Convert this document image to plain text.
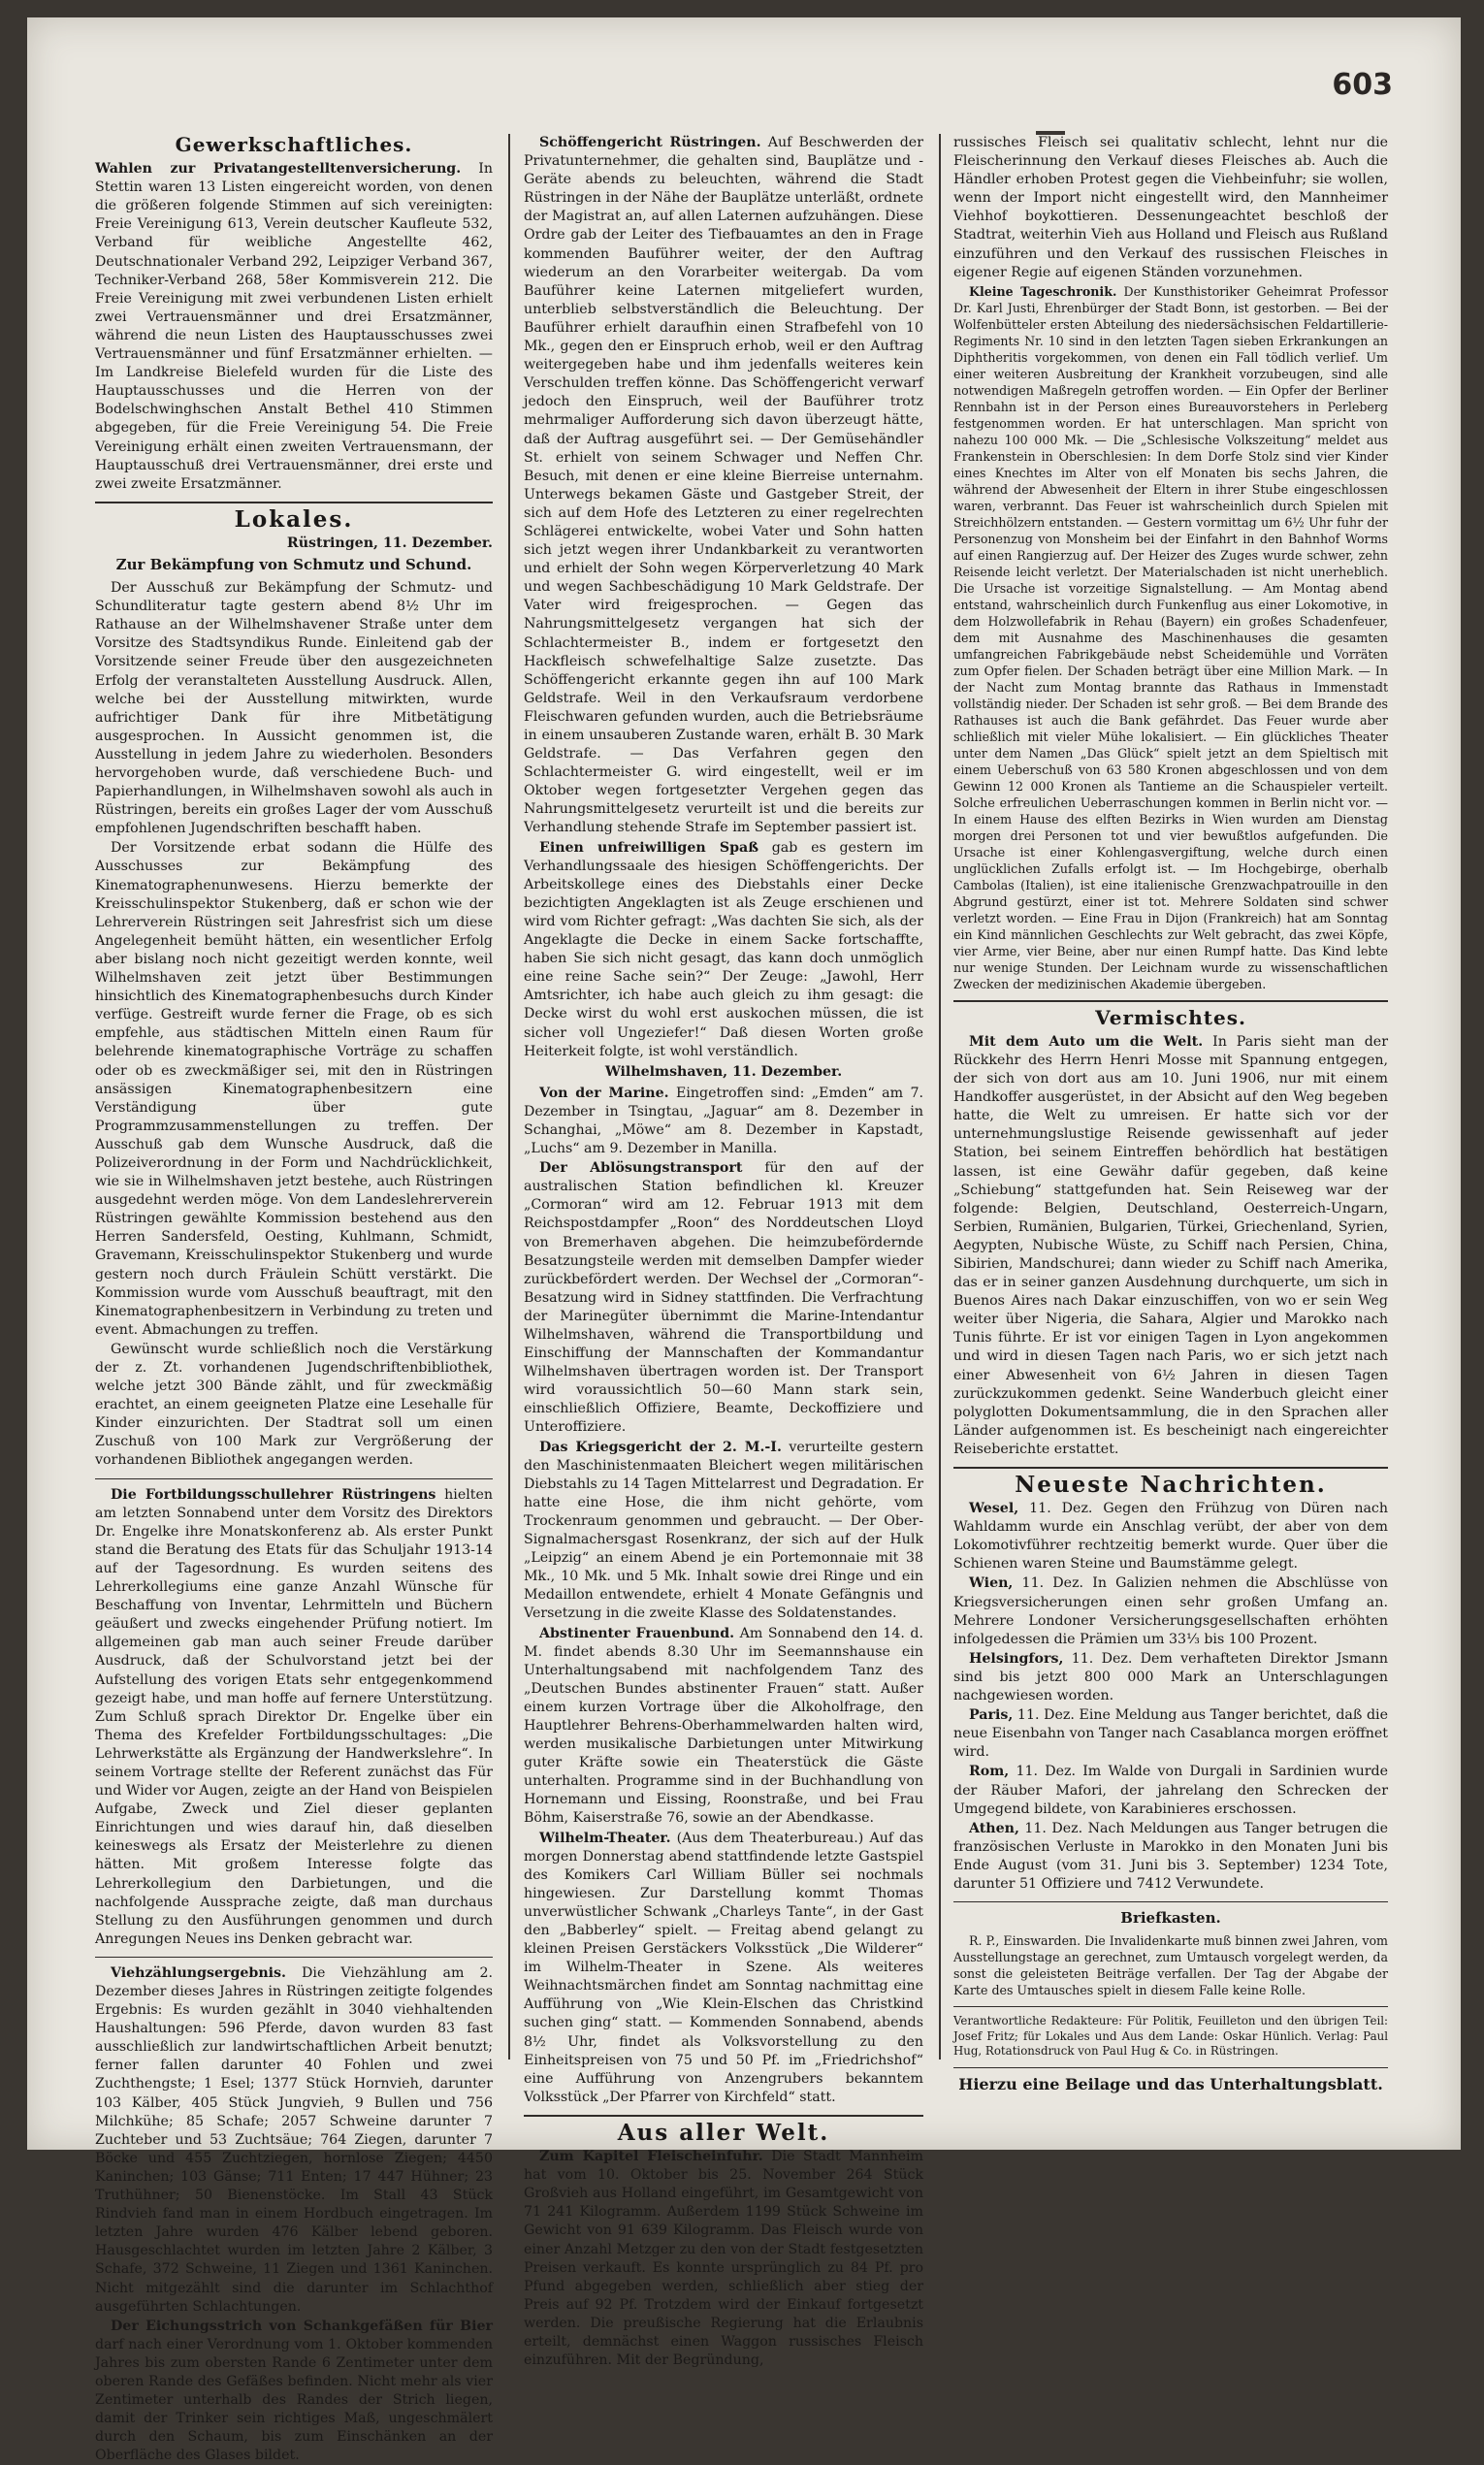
603
Gewerkschaftliches.

Wahlen zur Privatangestelltenversicherung. In Stettin waren 13 Listen eingereicht worden, von denen die größeren folgende Stimmen auf sich vereinigten: Freie Vereinigung 613, Verein deutscher Kaufleute 532, Verband für weibliche Angestellte 462, Deutschnationaler Verband 292, Leipziger Verband 367, Techniker-Verband 268, 58er Kommisverein 212. Die Freie Vereinigung mit zwei verbundenen Listen erhielt zwei Vertrauensmänner und drei Ersatzmänner, während die neun Listen des Hauptausschusses zwei Vertrauensmänner und fünf Ersatzmänner erhielten. — Im Landkreise Bielefeld wurden für die Liste des Hauptausschusses und die Herren von der Bodelschwinghschen Anstalt Bethel 410 Stimmen abgegeben, für die Freie Vereinigung 54. Die Freie Vereinigung erhält einen zweiten Vertrauensmann, der Hauptausschuß drei Vertrauensmänner, drei erste und zwei zweite Ersatzmänner.

Lokales.
Rüstringen, 11. Dezember.
Zur Bekämpfung von Schmutz und Schund.

Der Ausschuß zur Bekämpfung der Schmutz- und Schundliteratur tagte gestern abend 8½ Uhr im Rathause an der Wilhelmshavener Straße unter dem Vorsitze des Stadtsyndikus Runde. Einleitend gab der Vorsitzende seiner Freude über den ausgezeichneten Erfolg der veranstalteten Ausstellung Ausdruck. Allen, welche bei der Ausstellung mitwirkten, wurde aufrichtiger Dank für ihre Mitbetätigung ausgesprochen. In Aussicht genommen ist, die Ausstellung in jedem Jahre zu wiederholen. Besonders hervorgehoben wurde, daß verschiedene Buch- und Papierhandlungen, in Wilhelmshaven sowohl als auch in Rüstringen, bereits ein großes Lager der vom Ausschuß empfohlenen Jugendschriften beschafft haben.

Der Vorsitzende erbat sodann die Hülfe des Ausschusses zur Bekämpfung des Kinematographenunwesens. Hierzu bemerkte der Kreisschulinspektor Stukenberg, daß er schon wie der Lehrerverein Rüstringen seit Jahresfrist sich um diese Angelegenheit bemüht hätten, ein wesentlicher Erfolg aber bislang noch nicht gezeitigt werden konnte, weil Wilhelmshaven zeit jetzt über Bestimmungen hinsichtlich des Kinematographenbesuchs durch Kinder verfüge. Gestreift wurde ferner die Frage, ob es sich empfehle, aus städtischen Mitteln einen Raum für belehrende kinematographische Vorträge zu schaffen oder ob es zweckmäßiger sei, mit den in Rüstringen ansässigen Kinematographenbesitzern eine Verständigung über gute Programmzusammenstellungen zu treffen. Der Ausschuß gab dem Wunsche Ausdruck, daß die Polizeiverordnung in der Form und Nachdrücklichkeit, wie sie in Wilhelmshaven jetzt bestehe, auch Rüstringen ausgedehnt werden möge. Von dem Landeslehrerverein Rüstringen gewählte Kommission bestehend aus den Herren Sandersfeld, Oesting, Kuhlmann, Schmidt, Gravemann, Kreisschulinspektor Stukenberg und wurde gestern noch durch Fräulein Schütt verstärkt. Die Kommission wurde vom Ausschuß beauftragt, mit den Kinematographenbesitzern in Verbindung zu treten und event. Abmachungen zu treffen.

Gewünscht wurde schließlich noch die Verstärkung der z. Zt. vorhandenen Jugendschriftenbibliothek, welche jetzt 300 Bände zählt, und für zweckmäßig erachtet, an einem geeigneten Platze eine Lesehalle für Kinder einzurichten. Der Stadtrat soll um einen Zuschuß von 100 Mark zur Vergrößerung der vorhandenen Bibliothek angegangen werden.

Die Fortbildungsschullehrer Rüstringens hielten am letzten Sonnabend unter dem Vorsitz des Direktors Dr. Engelke ihre Monatskonferenz ab. Als erster Punkt stand die Beratung des Etats für das Schuljahr 1913-14 auf der Tagesordnung. Es wurden seitens des Lehrerkollegiums eine ganze Anzahl Wünsche für Beschaffung von Inventar, Lehrmitteln und Büchern geäußert und zwecks eingehender Prüfung notiert. Im allgemeinen gab man auch seiner Freude darüber Ausdruck, daß der Schulvorstand jetzt bei der Aufstellung des vorigen Etats sehr entgegenkommend gezeigt habe, und man hoffe auf fernere Unterstützung. Zum Schluß sprach Direktor Dr. Engelke über ein Thema des Krefelder Fortbildungsschultages: „Die Lehrwerkstätte als Ergänzung der Handwerkslehre“. In seinem Vortrage stellte der Referent zunächst das Für und Wider vor Augen, zeigte an der Hand von Beispielen Aufgabe, Zweck und Ziel dieser geplanten Einrichtungen und wies darauf hin, daß dieselben keineswegs als Ersatz der Meisterlehre zu dienen hätten. Mit großem Interesse folgte das Lehrerkollegium den Darbietungen, und die nachfolgende Aussprache zeigte, daß man durchaus Stellung zu den Ausführungen genommen und durch Anregungen Neues ins Denken gebracht war.

Viehzählungsergebnis. Die Viehzählung am 2. Dezember dieses Jahres in Rüstringen zeitigte folgendes Ergebnis: Es wurden gezählt in 3040 viehhaltenden Haushaltungen: 596 Pferde, davon wurden 83 fast ausschließlich zur landwirtschaftlichen Arbeit benutzt; ferner fallen darunter 40 Fohlen und zwei Zuchthengste; 1 Esel; 1377 Stück Hornvieh, darunter 103 Kälber, 405 Stück Jungvieh, 9 Bullen und 756 Milchkühe; 85 Schafe; 2057 Schweine darunter 7 Zuchteber und 53 Zuchtsäue; 764 Ziegen, darunter 7 Böcke und 455 Zuchtziegen, hornlose Ziegen; 4450 Kaninchen; 103 Gänse; 711 Enten; 17 447 Hühner; 23 Truthühner; 50 Bienenstöcke. Im Stall 43 Stück Rindvieh fand man in einem Hordbuch eingetragen. Im letzten Jahre wurden 476 Kälber lebend geboren. Hausgeschlachtet wurden im letzten Jahre 2 Kälber, 3 Schafe, 372 Schweine, 11 Ziegen und 1361 Kaninchen. Nicht mitgezählt sind die darunter im Schlachthof ausgeführten Schlachtungen.

Der Eichungsstrich von Schankgefäßen für Bier darf nach einer Verordnung vom 1. Oktober kommenden Jahres bis zum obersten Rande 6 Zentimeter unter dem oberen Rande des Gefäßes befinden. Nicht mehr als vier Zentimeter unterhalb des Randes der Strich liegen, damit der Trinker sein richtiges Maß, ungeschmälert durch den Schaum, bis zum Einschänken an der Oberfläche des Glases bildet.

Schöffengericht Rüstringen. Auf Beschwerden der Privatunternehmer, die gehalten sind, Bauplätze und -Geräte abends zu beleuchten, während die Stadt Rüstringen in der Nähe der Bauplätze unterläßt, ordnete der Magistrat an, auf allen Laternen aufzuhängen. Diese Ordre gab der Leiter des Tiefbauamtes an den in Frage kommenden Bauführer weiter, der den Auftrag wiederum an den Vorarbeiter weitergab. Da vom Bauführer keine Laternen mitgeliefert wurden, unterblieb selbstverständlich die Beleuchtung. Der Bauführer erhielt daraufhin einen Strafbefehl von 10 Mk., gegen den er Einspruch erhob, weil er den Auftrag weitergegeben habe und ihm jedenfalls weiteres kein Verschulden treffen könne. Das Schöffengericht verwarf jedoch den Einspruch, weil der Bauführer trotz mehrmaliger Aufforderung sich davon überzeugt hätte, daß der Auftrag ausgeführt sei. — Der Gemüsehändler St. erhielt von seinem Schwager und Neffen Chr. Besuch, mit denen er eine kleine Bierreise unternahm. Unterwegs bekamen Gäste und Gastgeber Streit, der sich auf dem Hofe des Letzteren zu einer regelrechten Schlägerei entwickelte, wobei Vater und Sohn hatten sich jetzt wegen ihrer Undankbarkeit zu verantworten und erhielt der Sohn wegen Körperverletzung 40 Mark und wegen Sachbeschädigung 10 Mark Geldstrafe. Der Vater wird freigesprochen. — Gegen das Nahrungsmittelgesetz vergangen hat sich der Schlachtermeister B., indem er fortgesetzt den Hackfleisch schwefelhaltige Salze zusetzte. Das Schöffengericht erkannte gegen ihn auf 100 Mark Geldstrafe. Weil in den Verkaufsraum verdorbene Fleischwaren gefunden wurden, auch die Betriebsräume in einem unsauberen Zustande waren, erhält B. 30 Mark Geldstrafe. — Das Verfahren gegen den Schlachtermeister G. wird eingestellt, weil er im Oktober wegen fortgesetzter Vergehen gegen das Nahrungsmittelgesetz verurteilt ist und die bereits zur Verhandlung stehende Strafe im September passiert ist.

Einen unfreiwilligen Spaß gab es gestern im Verhandlungssaale des hiesigen Schöffengerichts. Der Arbeitskollege eines des Diebstahls einer Decke bezichtigten Angeklagten ist als Zeuge erschienen und wird vom Richter gefragt: „Was dachten Sie sich, als der Angeklagte die Decke in einem Sacke fortschaffte, haben Sie sich nicht gesagt, das kann doch unmöglich eine reine Sache sein?“ Der Zeuge: „Jawohl, Herr Amtsrichter, ich habe auch gleich zu ihm gesagt: die Decke wirst du wohl erst auskochen müssen, die ist sicher voll Ungeziefer!“ Daß diesen Worten große Heiterkeit folgte, ist wohl verständlich.

Wilhelmshaven, 11. Dezember.

Von der Marine. Eingetroffen sind: „Emden“ am 7. Dezember in Tsingtau, „Jaguar“ am 8. Dezember in Schanghai, „Möwe“ am 8. Dezember in Kapstadt, „Luchs“ am 9. Dezember in Manilla.

Der Ablösungstransport für den auf der australischen Station befindlichen kl. Kreuzer „Cormoran“ wird am 12. Februar 1913 mit dem Reichspostdampfer „Roon“ des Norddeutschen Lloyd von Bremerhaven abgehen. Die heimzubefördernde Besatzungsteile werden mit demselben Dampfer wieder zurückbefördert werden. Der Wechsel der „Cormoran“-Besatzung wird in Sidney stattfinden. Die Verfrachtung der Marinegüter übernimmt die Marine-Intendantur Wilhelmshaven, während die Transportbildung und Einschiffung der Mannschaften der Kommandantur Wilhelmshaven übertragen worden ist. Der Transport wird voraussichtlich 50—60 Mann stark sein, einschließlich Offiziere, Beamte, Deckoffiziere und Unteroffiziere.

Das Kriegsgericht der 2. M.-I. verurteilte gestern den Maschinistenmaaten Bleichert wegen militärischen Diebstahls zu 14 Tagen Mittelarrest und Degradation. Er hatte eine Hose, die ihm nicht gehörte, vom Trockenraum genommen und gebraucht. — Der Ober-Signalmachersgast Rosenkranz, der sich auf der Hulk „Leipzig“ an einem Abend je ein Portemonnaie mit 38 Mk., 10 Mk. und 5 Mk. Inhalt sowie drei Ringe und ein Medaillon entwendete, erhielt 4 Monate Gefängnis und Versetzung in die zweite Klasse des Soldatenstandes.

Abstinenter Frauenbund. Am Sonnabend den 14. d. M. findet abends 8.30 Uhr im Seemannshause ein Unterhaltungsabend mit nachfolgendem Tanz des „Deutschen Bundes abstinenter Frauen“ statt. Außer einem kurzen Vortrage über die Alkoholfrage, den Hauptlehrer Behrens-Oberhammelwarden halten wird, werden musikalische Darbietungen unter Mitwirkung guter Kräfte sowie ein Theaterstück die Gäste unterhalten. Programme sind in der Buchhandlung von Hornemann und Eissing, Roonstraße, und bei Frau Böhm, Kaiserstraße 76, sowie an der Abendkasse.

Wilhelm-Theater. (Aus dem Theaterbureau.) Auf das morgen Donnerstag abend stattfindende letzte Gastspiel des Komikers Carl William Büller sei nochmals hingewiesen. Zur Darstellung kommt Thomas unverwüstlicher Schwank „Charleys Tante“, in der Gast den „Babberley“ spielt. — Freitag abend gelangt zu kleinen Preisen Gerstäckers Volksstück „Die Wilderer“ im Wilhelm-Theater in Szene. Als weiteres Weihnachtsmärchen findet am Sonntag nachmittag eine Aufführung von „Wie Klein-Elschen das Christkind suchen ging“ statt. — Kommenden Sonnabend, abends 8½ Uhr, findet als Volksvorstellung zu den Einheitspreisen von 75 und 50 Pf. im „Friedrichshof“ eine Aufführung von Anzengrubers bekanntem Volksstück „Der Pfarrer von Kirchfeld“ statt.

Aus aller Welt.

Zum Kapitel Fleischeinfuhr. Die Stadt Mannheim hat vom 10. Oktober bis 25. November 264 Stück Großvieh aus Holland eingeführt, im Gesamtgewicht von 71 241 Kilogramm. Außerdem 1199 Stück Schweine im Gewicht von 91 639 Kilogramm. Das Fleisch wurde von einer Anzahl Metzger zu den von der Stadt festgesetzten Preisen verkauft. Es konnte ursprünglich zu 84 Pf. pro Pfund abgegeben werden, schließlich aber stieg der Preis auf 92 Pf. Trotzdem wird der Einkauf fortgesetzt werden. Die preußische Regierung hat die Erlaubnis erteilt, demnächst einen Waggon russisches Fleisch einzuführen. Mit der Begründung,

russisches Fleisch sei qualitativ schlecht, lehnt nur die Fleischerinnung den Verkauf dieses Fleisches ab. Auch die Händler erhoben Protest gegen die Viehbeinfuhr; sie wollen, wenn der Import nicht eingestellt wird, den Mannheimer Viehhof boykottieren. Dessenungeachtet beschloß der Stadtrat, weiterhin Vieh aus Holland und Fleisch aus Rußland einzuführen und den Verkauf des russischen Fleisches in eigener Regie auf eigenen Ständen vorzunehmen.

Kleine Tageschronik. Der Kunsthistoriker Geheimrat Professor Dr. Karl Justi, Ehrenbürger der Stadt Bonn, ist gestorben. — Bei der Wolfenbütteler ersten Abteilung des niedersächsischen Feldartillerie-Regiments Nr. 10 sind in den letzten Tagen sieben Erkrankungen an Diphtheritis vorgekommen, von denen ein Fall tödlich verlief. Um einer weiteren Ausbreitung der Krankheit vorzubeugen, sind alle notwendigen Maßregeln getroffen worden. — Ein Opfer der Berliner Rennbahn ist in der Person eines Bureauvorstehers in Perleberg festgenommen worden. Er hat unterschlagen. Man spricht von nahezu 100 000 Mk. — Die „Schlesische Volkszeitung“ meldet aus Frankenstein in Oberschlesien: In dem Dorfe Stolz sind vier Kinder eines Knechtes im Alter von elf Monaten bis sechs Jahren, die während der Abwesenheit der Eltern in ihrer Stube eingeschlossen waren, verbrannt. Das Feuer ist wahrscheinlich durch Spielen mit Streichhölzern entstanden. — Gestern vormittag um 6½ Uhr fuhr der Personenzug von Monsheim bei der Einfahrt in den Bahnhof Worms auf einen Rangierzug auf. Der Heizer des Zuges wurde schwer, zehn Reisende leicht verletzt. Der Materialschaden ist nicht unerheblich. Die Ursache ist vorzeitige Signalstellung. — Am Montag abend entstand, wahrscheinlich durch Funkenflug aus einer Lokomotive, in dem Holzwollefabrik in Rehau (Bayern) ein großes Schadenfeuer, dem mit Ausnahme des Maschinenhauses die gesamten umfangreichen Fabrikgebäude nebst Scheidemühle und Vorräten zum Opfer fielen. Der Schaden beträgt über eine Million Mark. — In der Nacht zum Montag brannte das Rathaus in Immenstadt vollständig nieder. Der Schaden ist sehr groß. — Bei dem Brande des Rathauses ist auch die Bank gefährdet. Das Feuer wurde aber schließlich mit vieler Mühe lokalisiert. — Ein glückliches Theater unter dem Namen „Das Glück“ spielt jetzt an dem Spieltisch mit einem Ueberschuß von 63 580 Kronen abgeschlossen und von dem Gewinn 12 000 Kronen als Tantieme an die Schauspieler verteilt. Solche erfreulichen Ueberraschungen kommen in Berlin nicht vor. — In einem Hause des elften Bezirks in Wien wurden am Dienstag morgen drei Personen tot und vier bewußtlos aufgefunden. Die Ursache ist einer Kohlengasvergiftung, welche durch einen unglücklichen Zufalls erfolgt ist. — Im Hochgebirge, oberhalb Cambolas (Italien), ist eine italienische Grenzwachpatrouille in den Abgrund gestürzt, einer ist tot. Mehrere Soldaten sind schwer verletzt worden. — Eine Frau in Dijon (Frankreich) hat am Sonntag ein Kind männlichen Geschlechts zur Welt gebracht, das zwei Köpfe, vier Arme, vier Beine, aber nur einen Rumpf hatte. Das Kind lebte nur wenige Stunden. Der Leichnam wurde zu wissenschaftlichen Zwecken der medizinischen Akademie übergeben.

Vermischtes.

Mit dem Auto um die Welt. In Paris sieht man der Rückkehr des Herrn Henri Mosse mit Spannung entgegen, der sich von dort aus am 10. Juni 1906, nur mit einem Handkoffer ausgerüstet, in der Absicht auf den Weg begeben hatte, die Welt zu umreisen. Er hatte sich vor der unternehmungslustige Reisende gewissenhaft auf jeder Station, bei seinem Eintreffen behördlich hat bestätigen lassen, ist eine Gewähr dafür gegeben, daß keine „Schiebung“ stattgefunden hat. Sein Reiseweg war der folgende: Belgien, Deutschland, Oesterreich-Ungarn, Serbien, Rumänien, Bulgarien, Türkei, Griechenland, Syrien, Aegypten, Nubische Wüste, zu Schiff nach Persien, China, Sibirien, Mandschurei; dann wieder zu Schiff nach Amerika, das er in seiner ganzen Ausdehnung durchquerte, um sich in Buenos Aires nach Dakar einzuschiffen, von wo er sein Weg weiter über Nigeria, die Sahara, Algier und Marokko nach Tunis führte. Er ist vor einigen Tagen in Lyon angekommen und wird in diesen Tagen nach Paris, wo er sich jetzt nach einer Abwesenheit von 6½ Jahren in diesen Tagen zurückzukommen gedenkt. Seine Wanderbuch gleicht einer polyglotten Dokumentsammlung, die in den Sprachen aller Länder aufgenommen ist. Es bescheinigt nach eingereichter Reiseberichte erstattet.

Neueste Nachrichten.

Wesel, 11. Dez. Gegen den Frühzug von Düren nach Wahldamm wurde ein Anschlag verübt, der aber von dem Lokomotivführer rechtzeitig bemerkt wurde. Quer über die Schienen waren Steine und Baumstämme gelegt.

Wien, 11. Dez. In Galizien nehmen die Abschlüsse von Kriegsversicherungen einen sehr großen Umfang an. Mehrere Londoner Versicherungsgesellschaften erhöhten infolgedessen die Prämien um 33⅓ bis 100 Prozent.

Helsingfors, 11. Dez. Dem verhafteten Direktor Jsmann sind bis jetzt 800 000 Mark an Unterschlagungen nachgewiesen worden.

Paris, 11. Dez. Eine Meldung aus Tanger berichtet, daß die neue Eisenbahn von Tanger nach Casablanca morgen eröffnet wird.

Rom, 11. Dez. Im Walde von Durgali in Sardinien wurde der Räuber Mafori, der jahrelang den Schrecken der Umgegend bildete, von Karabinieres erschossen.

Athen, 11. Dez. Nach Meldungen aus Tanger betrugen die französischen Verluste in Marokko in den Monaten Juni bis Ende August (vom 31. Juni bis 3. September) 1234 Tote, darunter 51 Offiziere und 7412 Verwundete.

Briefkasten.

R. P., Einswarden. Die Invalidenkarte muß binnen zwei Jahren, vom Ausstellungstage an gerechnet, zum Umtausch vorgelegt werden, da sonst die geleisteten Beiträge verfallen. Der Tag der Abgabe der Karte des Umtausches spielt in diesem Falle keine Rolle.

Verantwortliche Redakteure: Für Politik, Feuilleton und den übrigen Teil: Josef Fritz; für Lokales und Aus dem Lande: Oskar Hünlich. Verlag: Paul Hug, Rotationsdruck von Paul Hug & Co. in Rüstringen.

Hierzu eine Beilage und das Unterhaltungsblatt.
